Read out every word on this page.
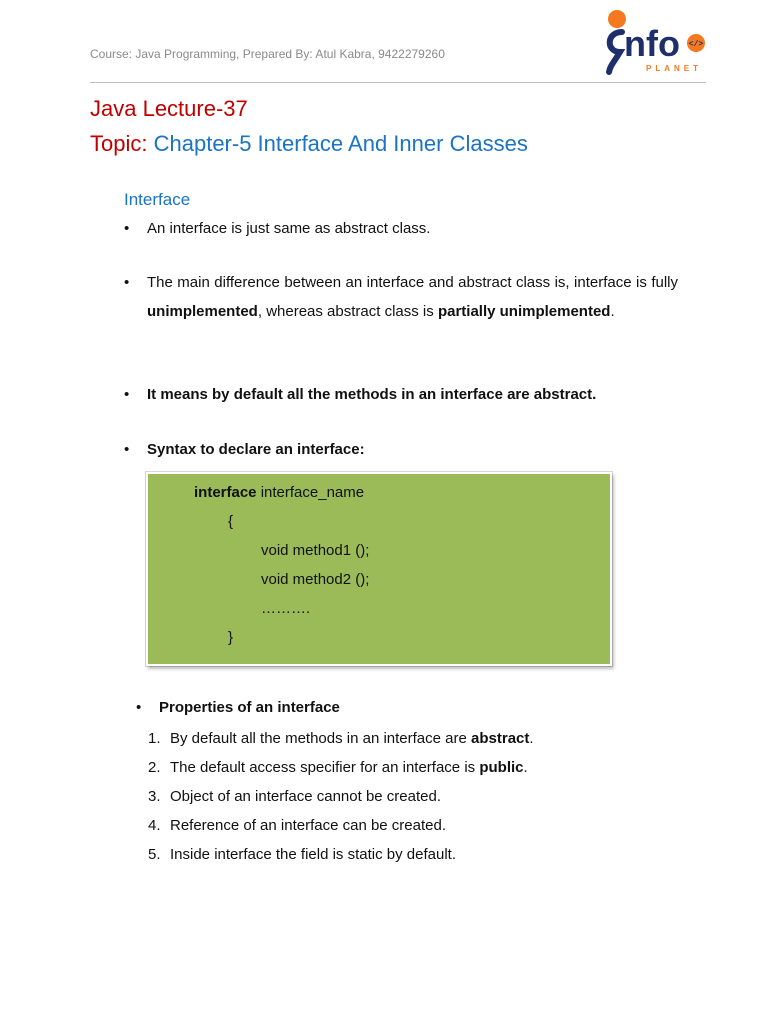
Course: Java Programming, Prepared By: Atul Kabra, 9422279260	nfo </>
PLANET
Java Lecture-37
Topic: Chapter-5 Interface And Inner Classes
Interface
• An interface is just same as abstract class.
• The main difference between an interface and abstract class is, interface is fully unimplemented, whereas abstract class is partially unimplemented.
• It means by default all the methods in an interface are abstract.
• Syntax to declare an interface:
interface interface_name
{
void method1 ();
void method2 ();
……….
}
• Properties of an interface
1. By default all the methods in an interface are abstract.
2. The default access specifier for an interface is public.
3. Object of an interface cannot be created.
4. Reference of an interface can be created.
5. Inside interface the field is static by default.
